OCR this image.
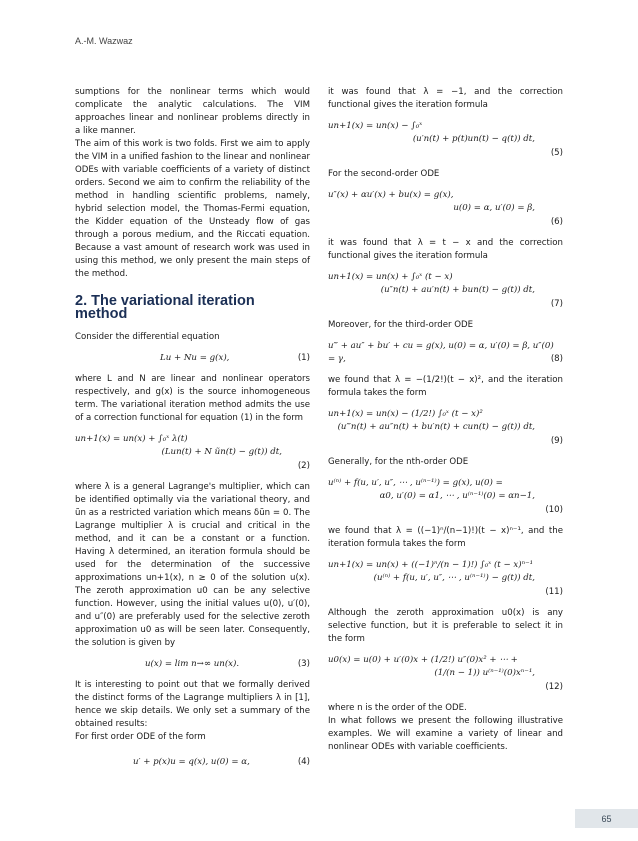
A.-M. Wazwaz

sumptions for the nonlinear terms which would complicate the analytic calculations. The VIM approaches linear and nonlinear problems directly in a like manner.

The aim of this work is two folds. First we aim to apply the VIM in a unified fashion to the linear and nonlinear ODEs with variable coefficients of a variety of distinct orders. Second we aim to confirm the reliability of the method in handling scientific problems, namely, hybrid selection model, the Thomas-Fermi equation, the Kidder equation of the Unsteady flow of gas through a porous medium, and the Riccati equation. Because a vast amount of research work was used in using this method, we only present the main steps of the method.

2. The variational iteration method

Consider the differential equation

Lu + Nu = g(x),	(1)

where L and N are linear and nonlinear operators respectively, and g(x) is the source inhomogeneous term. The variational iteration method admits the use of a correction functional for equation (1) in the form

un+1(x) = un(x) + ∫₀ˣ λ(t)
(Lun(t) + N ũn(t) − g(t)) dt,
(2)

where λ is a general Lagrange's multiplier, which can be identified optimally via the variational theory, and ũn as a restricted variation which means δũn = 0. The Lagrange multiplier λ is crucial and critical in the method, and it can be a constant or a function. Having λ determined, an iteration formula should be used for the determination of the successive approximations un+1(x), n ≥ 0 of the solution u(x). The zeroth approximation u0 can be any selective function. However, using the initial values u(0), u′(0), and u″(0) are preferably used for the selective zeroth approximation u0 as will be seen later. Consequently, the solution is given by

u(x) = lim n→∞ un(x).	(3)

It is interesting to point out that we formally derived the distinct forms of the Lagrange multipliers λ in [1], hence we skip details. We only set a summary of the obtained results:

For first order ODE of the form

u′ + p(x)u = q(x), u(0) = α,	(4)

it was found that λ = −1, and the correction functional gives the iteration formula

un+1(x) = un(x) − ∫₀ˣ
(u′n(t) + p(t)un(t) − q(t)) dt,
(5)

For the second-order ODE

u″(x) + αu′(x) + bu(x) = g(x),
u(0) = α, u′(0) = β,
(6)

it was found that λ = t − x and the correction functional gives the iteration formula

un+1(x) = un(x) + ∫₀ˣ (t − x)
(u″n(t) + au′n(t) + bun(t) − g(t)) dt,
(7)

Moreover, for the third-order ODE

u‴ + au″ + bu′ + cu = g(x), u(0) = α, u′(0) = β, u″(0) = γ,	(8)

we found that λ = −(1/2!)(t − x)², and the iteration formula takes the form

un+1(x) = un(x) − (1/2!) ∫₀ˣ (t − x)²
(u‴n(t) + au″n(t) + bu′n(t) + cun(t) − g(t)) dt,
(9)

Generally, for the nth-order ODE

u⁽ⁿ⁾ + f(u, u′, u″, ⋯ , u⁽ⁿ⁻¹⁾) = g(x), u(0) =
α0, u′(0) = α1, ⋯ , u⁽ⁿ⁻¹⁾(0) = αn−1,
(10)

we found that λ = ((−1)ⁿ/(n−1)!)(t − x)ⁿ⁻¹, and the iteration formula takes the form

un+1(x) = un(x) + ((−1)ⁿ/(n − 1)!) ∫₀ˣ (t − x)ⁿ⁻¹
(u⁽ⁿ⁾ + f(u, u′, u″, ⋯ , u⁽ⁿ⁻¹⁾) − g(t)) dt,
(11)

Although the zeroth approximation u0(x) is any selective function, but it is preferable to select it in the form

u0(x) = u(0) + u′(0)x + (1/2!) u″(0)x² + ⋯ +
(1/(n − 1)) u⁽ⁿ⁻¹⁾(0)xⁿ⁻¹,
(12)

where n is the order of the ODE.

In what follows we present the following illustrative examples. We will examine a variety of linear and nonlinear ODEs with variable coefficients.

65
